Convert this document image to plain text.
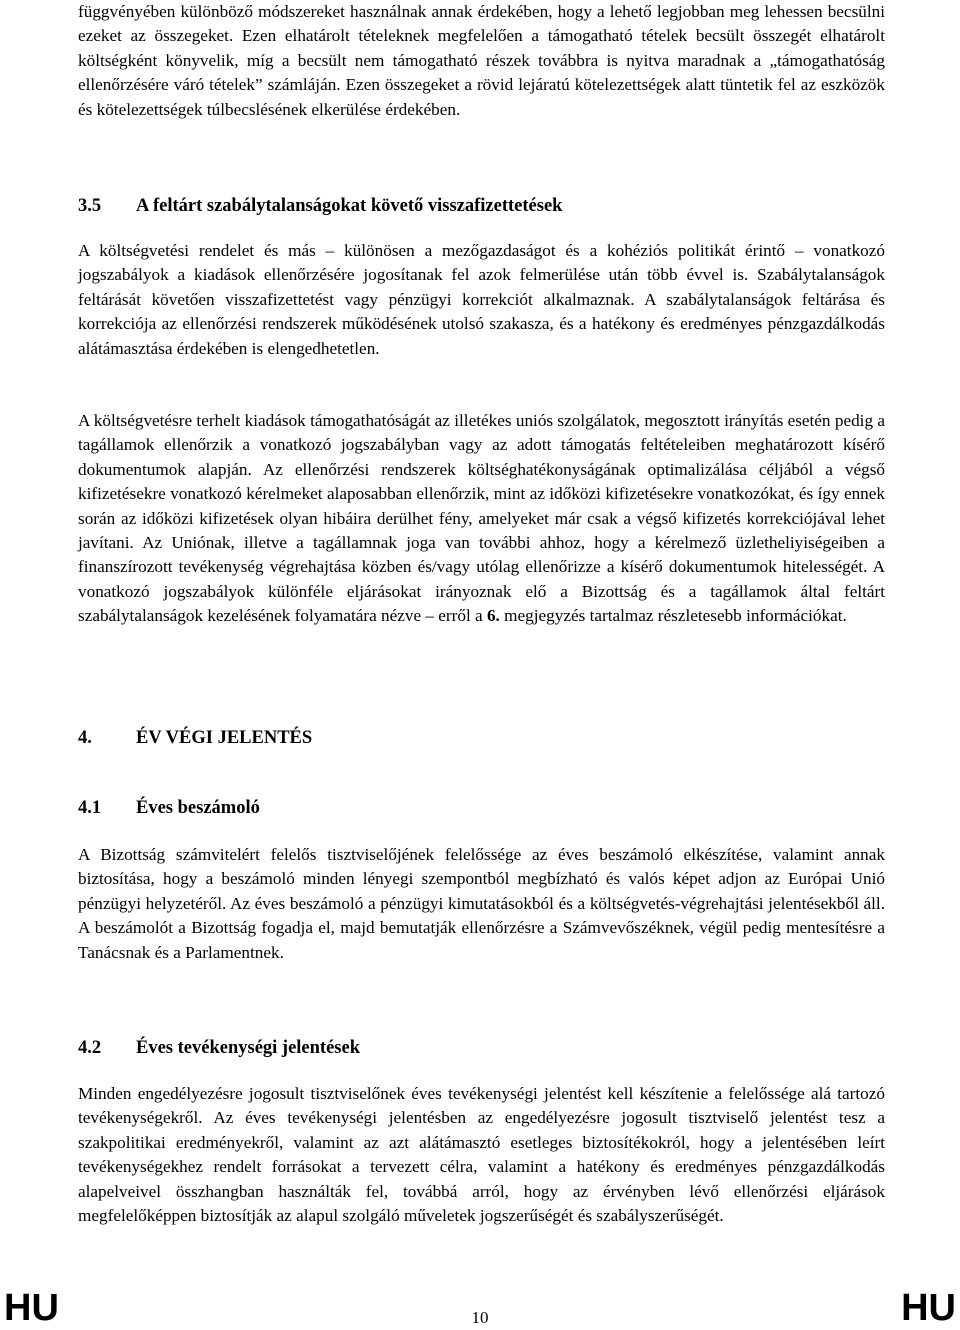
függvényében különböző módszereket használnak annak érdekében, hogy a lehető legjobban meg lehessen becsülni ezeket az összegeket. Ezen elhatárolt tételeknek megfelelően a támogatható tételek becsült összegét elhatárolt költségként könyvelik, míg a becsült nem támogatható részek továbbra is nyitva maradnak a „támogathatóság ellenőrzésére váró tételek” számláján. Ezen összegeket a rövid lejáratú kötelezettségek alatt tüntetik fel az eszközök és kötelezettségek túlbecslésének elkerülése érdekében.

3.5 A feltárt szabálytalanságokat követő visszafizettetések

A költségvetési rendelet és más – különösen a mezőgazdaságot és a kohéziós politikát érintő – vonatkozó jogszabályok a kiadások ellenőrzésére jogosítanak fel azok felmerülése után több évvel is. Szabálytalanságok feltárását követően visszafizettetést vagy pénzügyi korrekciót alkalmaznak. A szabálytalanságok feltárása és korrekciója az ellenőrzési rendszerek működésének utolsó szakasza, és a hatékony és eredményes pénzgazdálkodás alátámasztása érdekében is elengedhetetlen.

A költségvetésre terhelt kiadások támogathatóságát az illetékes uniós szolgálatok, megosztott irányítás esetén pedig a tagállamok ellenőrzik a vonatkozó jogszabályban vagy az adott támogatás feltételeiben meghatározott kísérő dokumentumok alapján. Az ellenőrzési rendszerek költséghatékonyságának optimalizálása céljából a végső kifizetésekre vonatkozó kérelmeket alaposabban ellenőrzik, mint az időközi kifizetésekre vonatkozókat, és így ennek során az időközi kifizetések olyan hibáira derülhet fény, amelyeket már csak a végső kifizetés korrekciójával lehet javítani. Az Uniónak, illetve a tagállamnak joga van további ahhoz, hogy a kérelmező üzletheliyiségeiben a finanszírozott tevékenység végrehajtása közben és/vagy utólag ellenőrizze a kísérő dokumentumok hitelességét. A vonatkozó jogszabályok különféle eljárásokat irányoznak elő a Bizottság és a tagállamok által feltárt szabálytalanságok kezelésének folyamatára nézve – erről a 6. megjegyzés tartalmaz részletesebb információkat.

4. ÉV VÉGI JELENTÉS
4.1 Éves beszámoló

A Bizottság számvitelért felelős tisztviselőjének felelőssége az éves beszámoló elkészítése, valamint annak biztosítása, hogy a beszámoló minden lényegi szempontból megbízható és valós képet adjon az Európai Unió pénzügyi helyzetéről. Az éves beszámoló a pénzügyi kimutatásokból és a költségvetés-végrehajtási jelentésekből áll. A beszámolót a Bizottság fogadja el, majd bemutatják ellenőrzésre a Számvevőszéknek, végül pedig mentesítésre a Tanácsnak és a Parlamentnek.

4.2 Éves tevékenységi jelentések

Minden engedélyezésre jogosult tisztviselőnek éves tevékenységi jelentést kell készítenie a felelőssége alá tartozó tevékenységekről. Az éves tevékenységi jelentésben az engedélyezésre jogosult tisztviselő jelentést tesz a szakpolitikai eredményekről, valamint az azt alátámasztó esetleges biztosítékokról, hogy a jelentésében leírt tevékenységekhez rendelt forrásokat a tervezett célra, valamint a hatékony és eredményes pénzgazdálkodás alapelveivel összhangban használták fel, továbbá arról, hogy az érvényben lévő ellenőrzési eljárások megfelelőképpen biztosítják az alapul szolgáló műveletek jogszerűségét és szabályszerűségét.

HU	10	HU
